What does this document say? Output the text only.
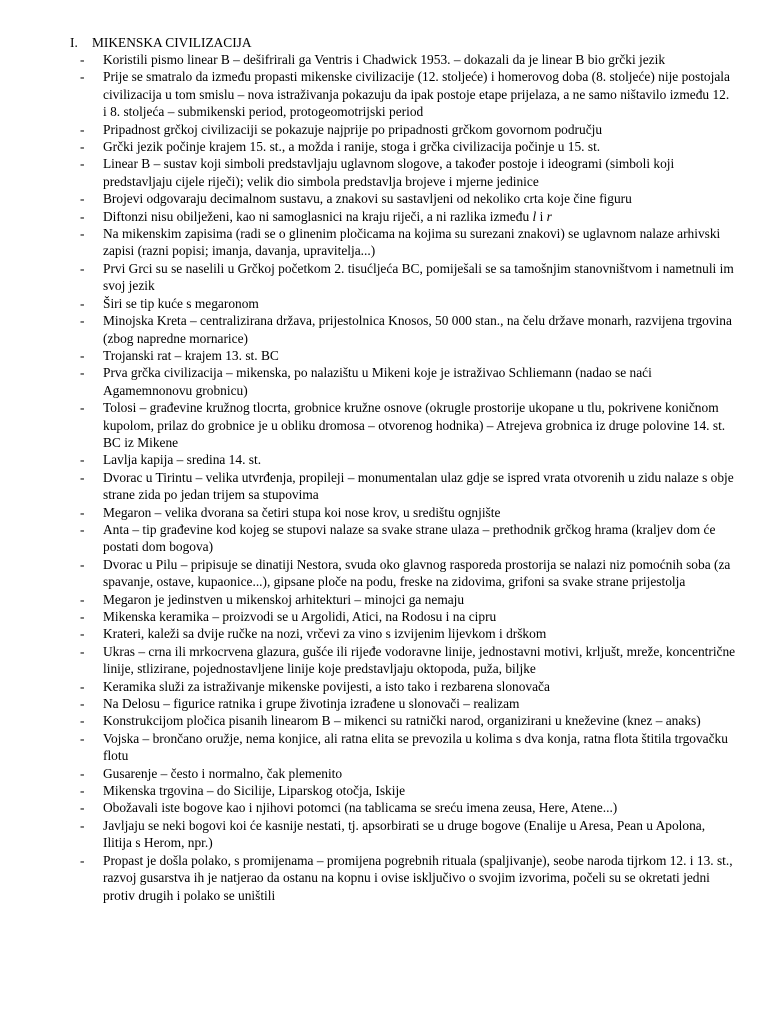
I. MIKENSKA CIVILIZACIJA
- Koristili pismo linear B – dešifrirali ga Ventris i Chadwick 1953. – dokazali da je linear B bio grčki jezik
- Prije se smatralo da između propasti mikenske civilizacije (12. stoljeće) i homerovog doba (8. stoljeće) nije postojala civilizacija u tom smislu – nova istraživanja pokazuju da ipak postoje etape prijelaza, a ne samo ništavilo između 12. i 8. stoljeća – submikenski period, protogeomotrijski period
- Pripadnost grčkoj civilizaciji se pokazuje najprije po pripadnosti grčkom govornom području
- Grčki jezik počinje krajem 15. st., a možda i ranije, stoga i grčka civilizacija počinje u 15. st.
- Linear B – sustav koji simboli predstavljaju uglavnom slogove, a također postoje i ideogrami (simboli koji predstavljaju cijele riječi); velik dio simbola predstavlja brojeve i mjerne jedinice
- Brojevi odgovaraju decimalnom sustavu, a znakovi su sastavljeni od nekoliko crta koje čine figuru
- Diftonzi nisu obilježeni, kao ni samoglasnici na kraju riječi, a ni razlika između l i r
- Na mikenskim zapisima (radi se o glinenim pločicama na kojima su surezani znakovi) se uglavnom nalaze arhivski zapisi (razni popisi; imanja, davanja, upravitelja...)
- Prvi Grci su se naselili u Grčkoj početkom 2. tisućljeća BC, pomiješali se sa tamošnjim stanovništvom i nametnuli im svoj jezik
- Širi se tip kuće s megaronom
- Minojska Kreta – centralizirana država, prijestolnica Knosos, 50 000 stan., na čelu države monarh, razvijena trgovina (zbog napredne mornarice)
- Trojanski rat – krajem 13. st. BC
- Prva grčka civilizacija – mikenska, po nalazištu u Mikeni koje je istraživao Schliemann (nadao se naći Agamemnonovu grobnicu)
- Tolosi – građevine kružnog tlocrta, grobnice kružne osnove (okrugle prostorije ukopane u tlu, pokrivene koničnom kupolom, prilaz do grobnice je u obliku dromosa – otvorenog hodnika) – Atrejeva grobnica iz druge polovine 14. st. BC iz Mikene
- Lavlja kapija – sredina 14. st.
- Dvorac u Tirintu – velika utvrđenja, propileji – monumentalan ulaz gdje se ispred vrata otvorenih u zidu nalaze s obje strane zida po jedan trijem sa stupovima
- Megaron – velika dvorana sa četiri stupa koi nose krov, u središtu ognjište
- Anta – tip građevine kod kojeg se stupovi nalaze sa svake strane ulaza – prethodnik grčkog hrama (kraljev dom će postati dom bogova)
- Dvorac u Pilu – pripisuje se dinatiji Nestora, svuda oko glavnog rasporeda prostorija se nalazi niz pomoćnih soba (za spavanje, ostave, kupaonice...), gipsane ploče na podu, freske na zidovima, grifoni sa svake strane prijestolja
- Megaron je jedinstven u mikenskoj arhitekturi – minojci ga nemaju
- Mikenska keramika – proizvodi se u Argolidi, Atici, na Rodosu i na cipru
- Krateri, kaleži sa dvije ručke na nozi, vrčevi za vino s izvijenim lijevkom i drškom
- Ukras – crna ili mrkocrvena glazura, gušće ili rijeđe vodoravne linije, jednostavni motivi, krljušt, mreže, koncentrične linije, stlizirane, pojednostavljene linije koje predstavljaju oktopoda, puža, biljke
- Keramika služi za istraživanje mikenske povijesti, a isto tako i rezbarena slonovača
- Na Delosu – figurice ratnika i grupe životinja izrađene u slonovači – realizam
- Konstrukcijom pločica pisanih linearom B – mikenci su ratnički narod, organizirani u kneževine (knez – anaks)
- Vojska – brončano oružje, nema konjice, ali ratna elita se prevozila u kolima s dva konja, ratna flota štitila trgovačku flotu
- Gusarenje – često i normalno, čak plemenito
- Mikenska trgovina – do Sicilije, Liparskog otočja, Iskije
- Obožavali iste bogove kao i njihovi potomci (na tablicama se sreću imena zeusa, Here, Atene...)
- Javljaju se neki bogovi koi će kasnije nestati, tj. apsorbirati se u druge bogove (Enalije u Aresa, Pean u Apolona, Ilitija s Herom, npr.)
- Propast je došla polako, s promijenama – promijena pogrebnih rituala (spaljivanje), seobe naroda tijrkom 12. i 13. st., razvoj gusarstva ih je natjerao da ostanu na kopnu i ovise isključivo o svojim izvorima, počeli su se okretati jedni protiv drugih i polako se uništili
